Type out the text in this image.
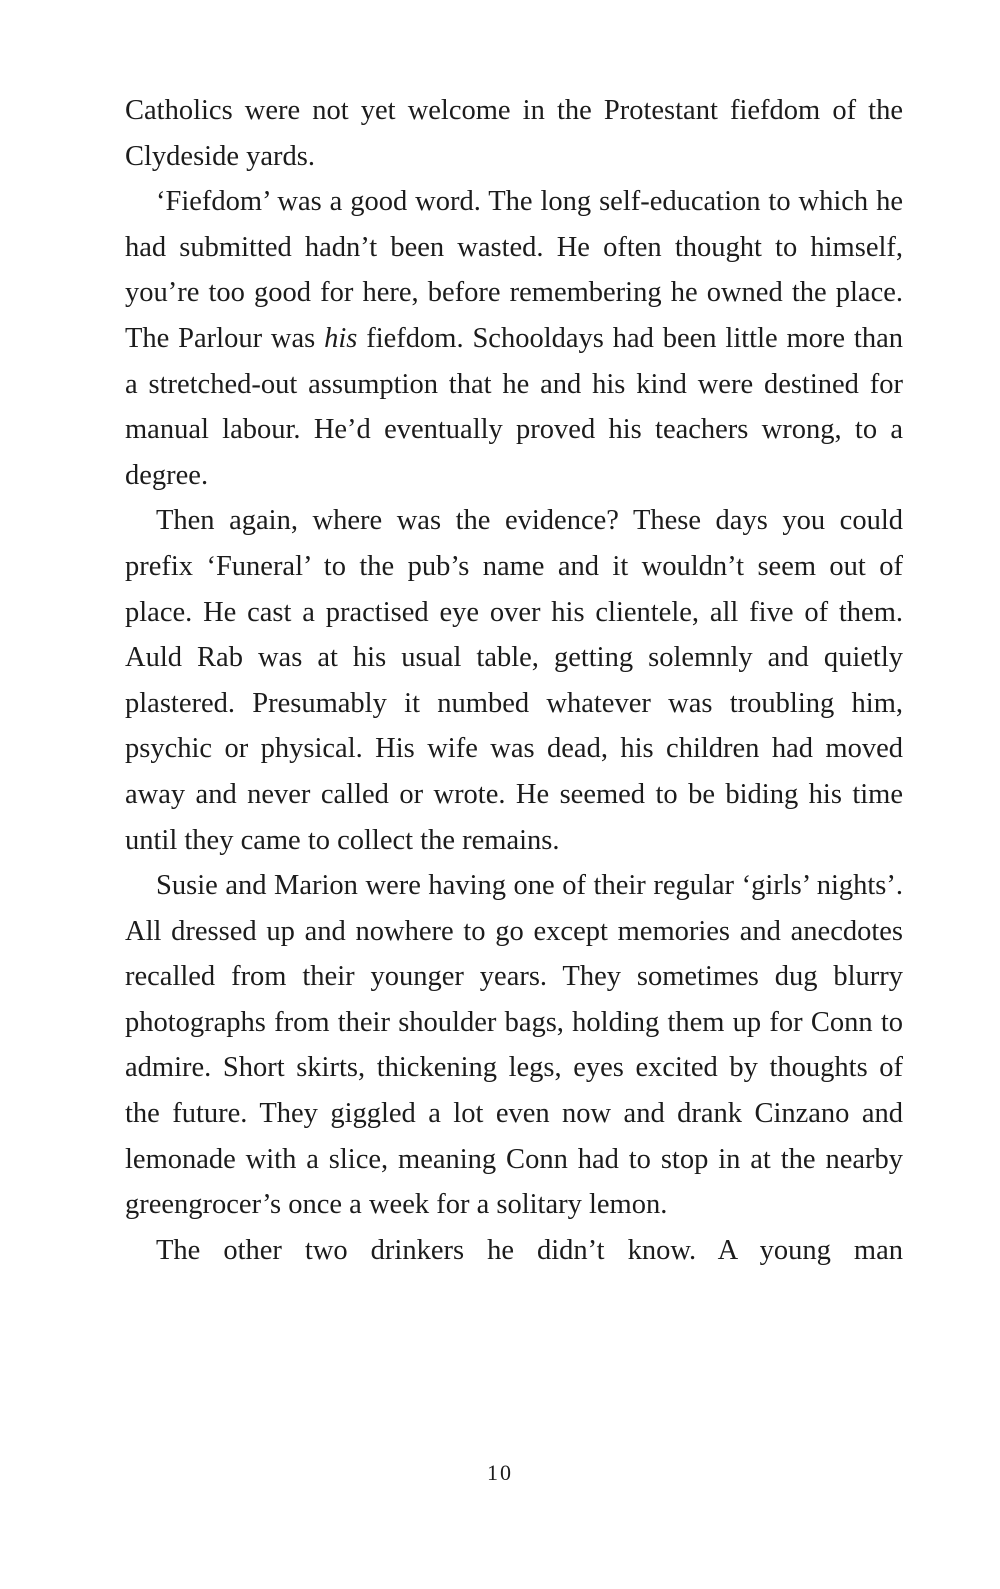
Catholics were not yet welcome in the Protestant fiefdom of the Clydeside yards.

‘Fiefdom’ was a good word. The long self-education to which he had submitted hadn’t been wasted. He often thought to himself, you’re too good for here, before remembering he owned the place. The Parlour was his fiefdom. Schooldays had been little more than a stretched-out assumption that he and his kind were destined for manual labour. He’d eventually proved his teachers wrong, to a degree.

Then again, where was the evidence? These days you could prefix ‘Funeral’ to the pub’s name and it wouldn’t seem out of place. He cast a practised eye over his clientele, all five of them. Auld Rab was at his usual table, getting solemnly and quietly plastered. Presumably it numbed whatever was troubling him, psychic or physical. His wife was dead, his children had moved away and never called or wrote. He seemed to be biding his time until they came to collect the remains.

Susie and Marion were having one of their regular ‘girls’ nights’. All dressed up and nowhere to go except memories and anecdotes recalled from their younger years. They sometimes dug blurry photographs from their shoulder bags, holding them up for Conn to admire. Short skirts, thickening legs, eyes excited by thoughts of the future. They giggled a lot even now and drank Cinzano and lemonade with a slice, meaning Conn had to stop in at the nearby greengrocer’s once a week for a solitary lemon.

The other two drinkers he didn’t know. A young man

10
